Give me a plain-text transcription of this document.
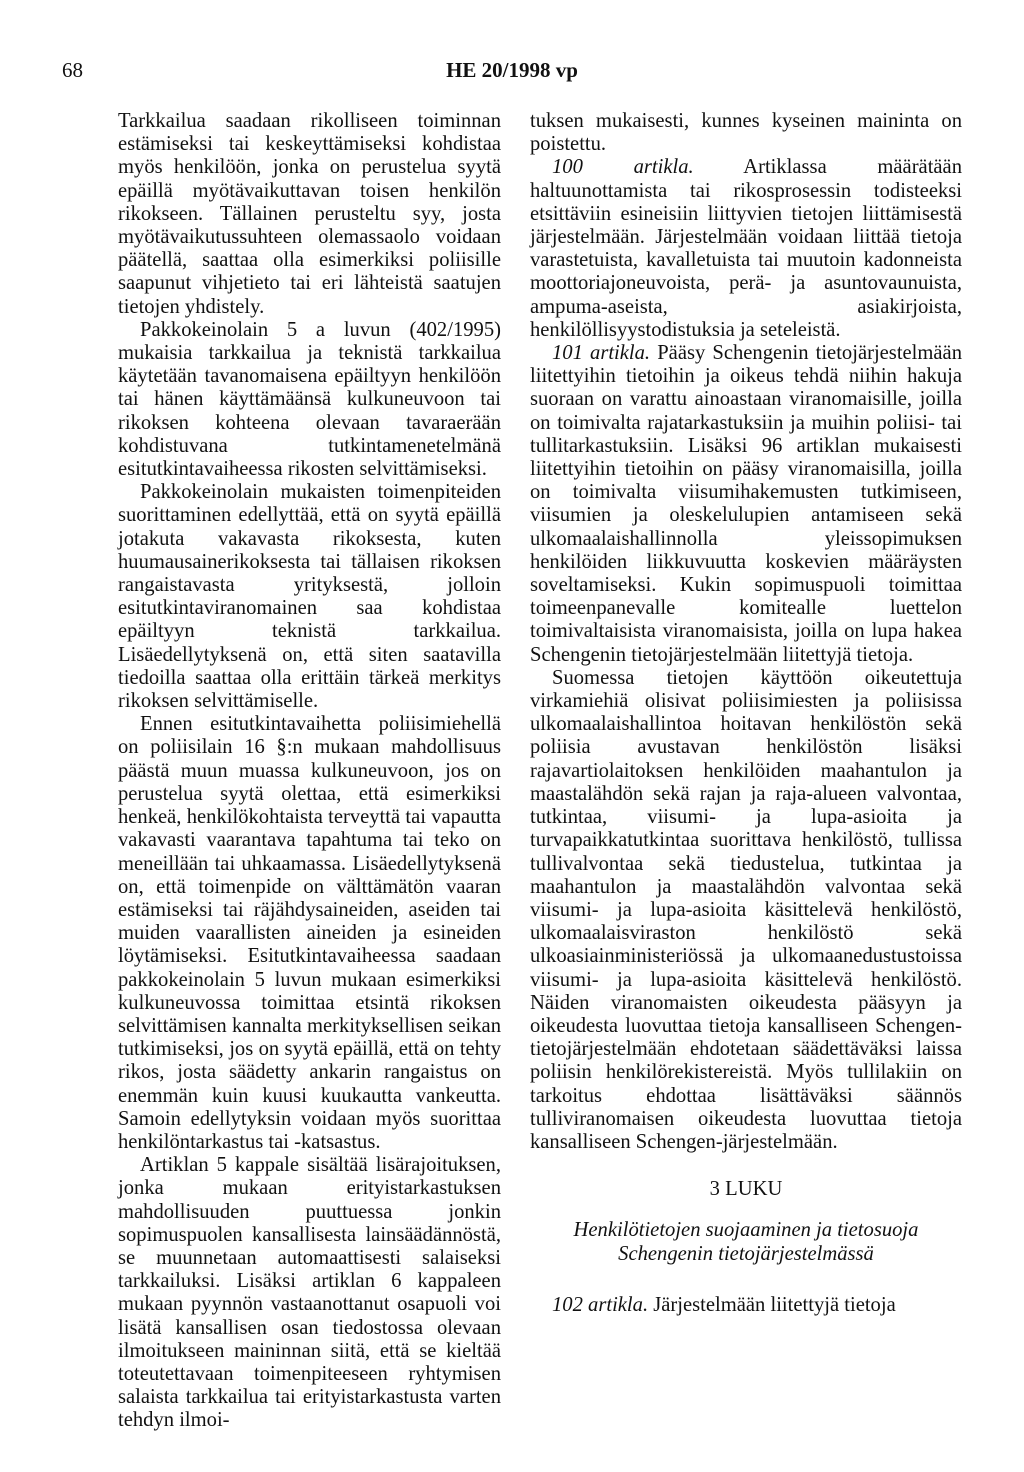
68	HE 20/1998 vp

Tarkkailua saadaan rikolliseen toiminnan estämiseksi tai keskeyttämiseksi kohdistaa myös henkilöön, jonka on perustelua syytä epäillä myötävaikuttavan toisen henkilön rikokseen. Tällainen perusteltu syy, josta myötävaikutussuhteen olemassaolo voidaan päätellä, saattaa olla esimerkiksi poliisille saapunut vihjetieto tai eri lähteistä saatujen tietojen yhdistely.

Pakkokeinolain 5 a luvun (402/1995) mukaisia tarkkailua ja teknistä tarkkailua käytetään tavanomaisena epäiltyyn henkilöön tai hänen käyttämäänsä kulkuneuvoon tai rikoksen kohteena olevaan tavaraerään kohdistuvana tutkintamenetelmänä esitutkintavaiheessa rikosten selvittämiseksi.

Pakkokeinolain mukaisten toimenpiteiden suorittaminen edellyttää, että on syytä epäillä jotakuta vakavasta rikoksesta, kuten huumausainerikoksesta tai tällaisen rikoksen rangaistavasta yrityksestä, jolloin esitutkintaviranomainen saa kohdistaa epäiltyyn teknistä tarkkailua. Lisäedellytyksenä on, että siten saatavilla tiedoilla saattaa olla erittäin tärkeä merkitys rikoksen selvittämiselle.

Ennen esitutkintavaihetta poliisimiehellä on poliisilain 16 §:n mukaan mahdollisuus päästä muun muassa kulkuneuvoon, jos on perustelua syytä olettaa, että esimerkiksi henkeä, henkilökohtaista terveyttä tai vapautta vakavasti vaarantava tapahtuma tai teko on meneillään tai uhkaamassa. Lisäedellytyksenä on, että toimenpide on välttämätön vaaran estämiseksi tai räjähdysaineiden, aseiden tai muiden vaarallisten aineiden ja esineiden löytämiseksi. Esitutkintavaiheessa saadaan pakkokeinolain 5 luvun mukaan esimerkiksi kulkuneuvossa toimittaa etsintä rikoksen selvittämisen kannalta merkityksellisen seikan tutkimiseksi, jos on syytä epäillä, että on tehty rikos, josta säädetty ankarin rangaistus on enemmän kuin kuusi kuukautta vankeutta. Samoin edellytyksin voidaan myös suorittaa henkilöntarkastus tai -katsastus.

Artiklan 5 kappale sisältää lisärajoituksen, jonka mukaan erityistarkastuksen mahdollisuuden puuttuessa jonkin sopimuspuolen kansallisesta lainsäädännöstä, se muunnetaan automaattisesti salaiseksi tarkkailuksi. Lisäksi artiklan 6 kappaleen mukaan pyynnön vastaanottanut osapuoli voi lisätä kansallisen osan tiedostossa olevaan ilmoitukseen maininnan siitä, että se kieltää toteutettavaan toimenpiteeseen ryhtymisen salaista tarkkailua tai erityistarkastusta varten tehdyn ilmoi-

tuksen mukaisesti, kunnes kyseinen maininta on poistettu.

100 artikla. Artiklassa määrätään haltuunottamista tai rikosprosessin todisteeksi etsittäviin esineisiin liittyvien tietojen liittämisestä järjestelmään. Järjestelmään voidaan liittää tietoja varastetuista, kavalletuista tai muutoin kadonneista moottoriajoneuvoista, perä- ja asuntovaunuista, ampuma-aseista, asiakirjoista, henkilöllisyystodistuksia ja seteleistä.

101 artikla. Pääsy Schengenin tietojärjestelmään liitettyihin tietoihin ja oikeus tehdä niihin hakuja suoraan on varattu ainoastaan viranomaisille, joilla on toimivalta rajatarkastuksiin ja muihin poliisi- tai tullitarkastuksiin. Lisäksi 96 artiklan mukaisesti liitettyihin tietoihin on pääsy viranomaisilla, joilla on toimivalta viisumihakemusten tutkimiseen, viisumien ja oleskelulupien antamiseen sekä ulkomaalaishallinnolla yleissopimuksen henkilöiden liikkuvuutta koskevien määräysten soveltamiseksi. Kukin sopimuspuoli toimittaa toimeenpanevalle komitealle luettelon toimivaltaisista viranomaisista, joilla on lupa hakea Schengenin tietojärjestelmään liitettyjä tietoja.

Suomessa tietojen käyttöön oikeutettuja virkamiehiä olisivat poliisimiesten ja poliisissa ulkomaalaishallintoa hoitavan henkilöstön sekä poliisia avustavan henkilöstön lisäksi rajavartiolaitoksen henkilöiden maahantulon ja maastalähdön sekä rajan ja raja-alueen valvontaa, tutkintaa, viisumi- ja lupa-asioita ja turvapaikkatutkintaa suorittava henkilöstö, tullissa tullivalvontaa sekä tiedustelua, tutkintaa ja maahantulon ja maastalähdön valvontaa sekä viisumi- ja lupa-asioita käsittelevä henkilöstö, ulkomaalaisviraston henkilöstö sekä ulkoasiainministeriössä ja ulkomaanedustustoissa viisumi- ja lupa-asioita käsittelevä henkilöstö. Näiden viranomaisten oikeudesta pääsyyn ja oikeudesta luovuttaa tietoja kansalliseen Schengen-tietojärjestelmään ehdotetaan säädettäväksi laissa poliisin henkilörekistereistä. Myös tullilakiin on tarkoitus ehdottaa lisättäväksi säännös tulliviranomaisen oikeudesta luovuttaa tietoja kansalliseen Schengen-järjestelmään.

3 LUKU
Henkilötietojen suojaaminen ja tietosuoja
Schengenin tietojärjestelmässä

102 artikla. Järjestelmään liitettyjä tietoja
